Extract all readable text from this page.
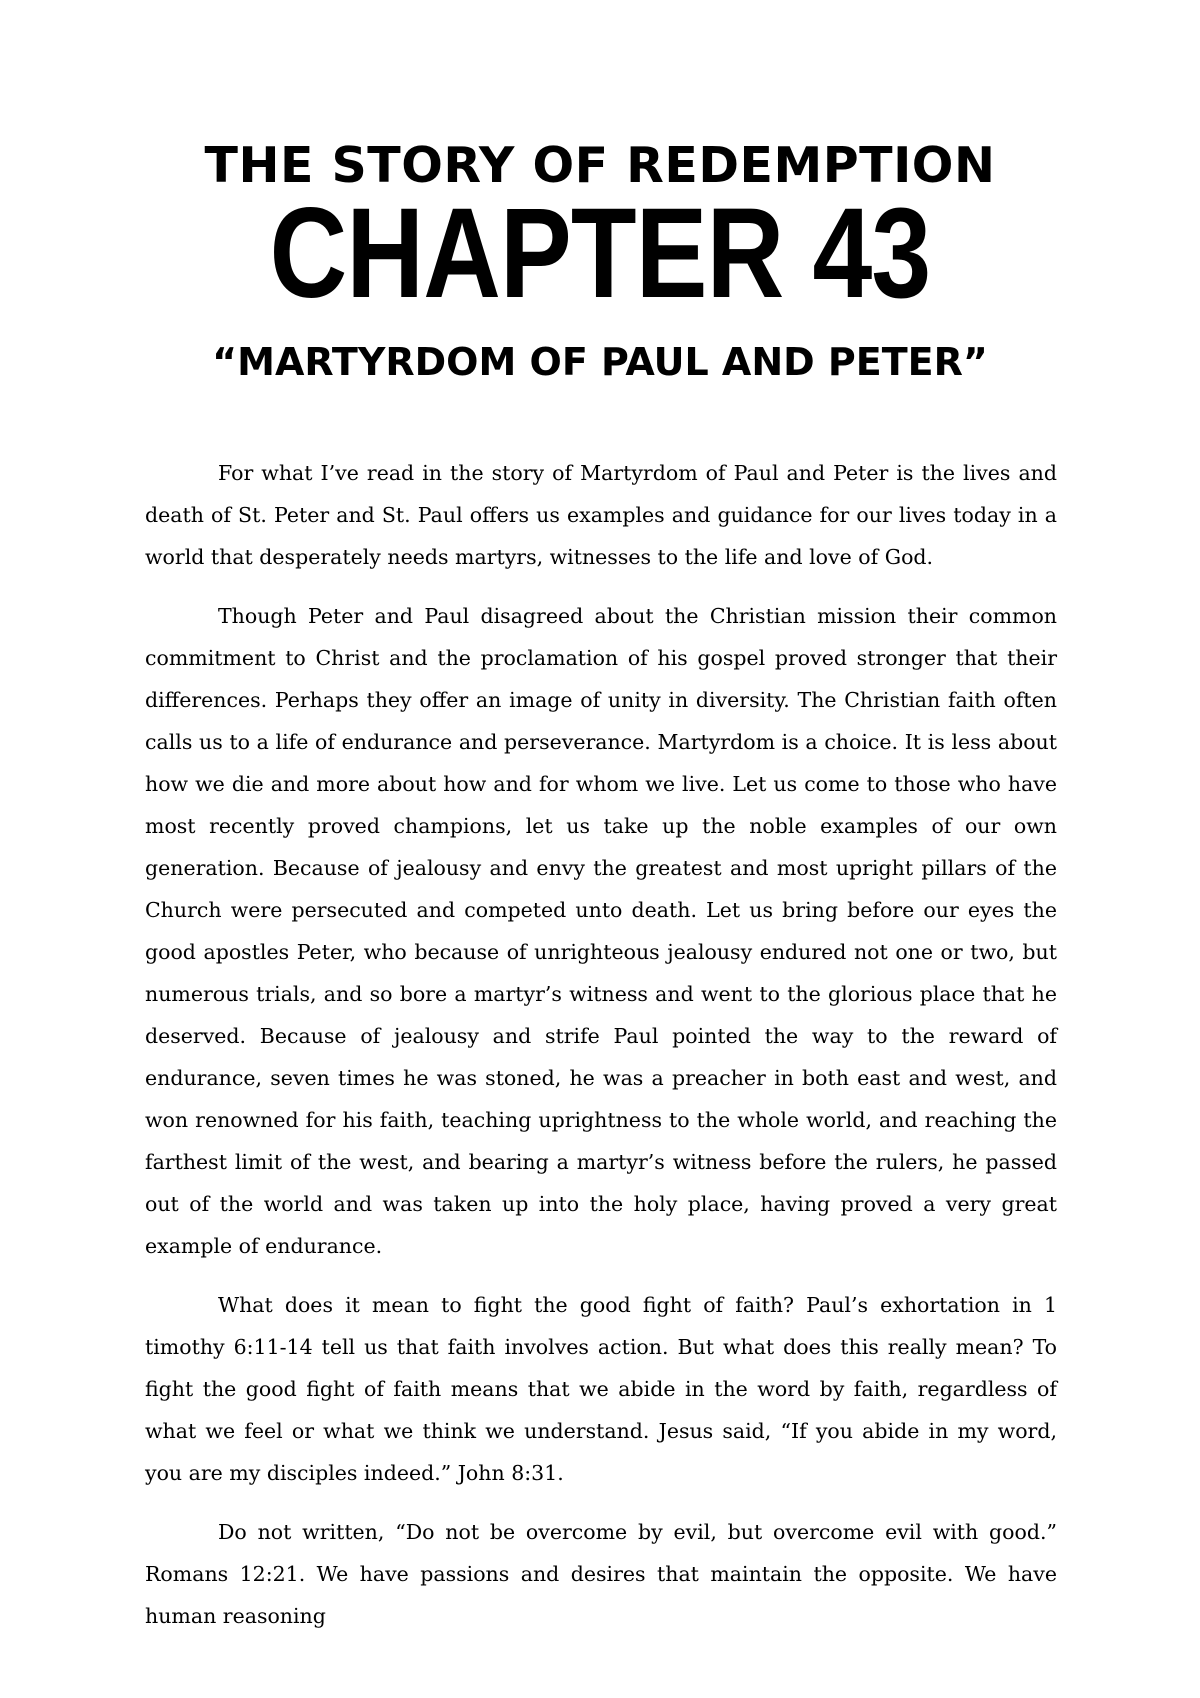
THE STORY OF REDEMPTION
CHAPTER 43
“MARTYRDOM OF PAUL AND PETER”

For what I’ve read in the story of Martyrdom of Paul and Peter is the lives and death of St. Peter and St. Paul offers us examples and guidance for our lives today in a world that desperately needs martyrs, witnesses to the life and love of God.

Though Peter and Paul disagreed about the Christian mission their common commitment to Christ and the proclamation of his gospel proved stronger that their differences. Perhaps they offer an image of unity in diversity. The Christian faith often calls us to a life of endurance and perseverance. Martyrdom is a choice. It is less about how we die and more about how and for whom we live. Let us come to those who have most recently proved champions, let us take up the noble examples of our own generation. Because of jealousy and envy the greatest and most upright pillars of the Church were persecuted and competed unto death. Let us bring before our eyes the good apostles Peter, who because of unrighteous jealousy endured not one or two, but numerous trials, and so bore a martyr’s witness and went to the glorious place that he deserved. Because of jealousy and strife Paul pointed the way to the reward of endurance, seven times he was stoned, he was a preacher in both east and west, and won renowned for his faith, teaching uprightness to the whole world, and reaching the farthest limit of the west, and bearing a martyr’s witness before the rulers, he passed out of the world and was taken up into the holy place, having proved a very great example of endurance.

What does it mean to fight the good fight of faith? Paul’s exhortation in 1 timothy 6:11-14 tell us that faith involves action. But what does this really mean? To fight the good fight of faith means that we abide in the word by faith, regardless of what we feel or what we think we understand. Jesus said, “If you abide in my word, you are my disciples indeed.” John 8:31.

Do not written, “Do not be overcome by evil, but overcome evil with good.” Romans 12:21. We have passions and desires that maintain the opposite. We have human reasoning
